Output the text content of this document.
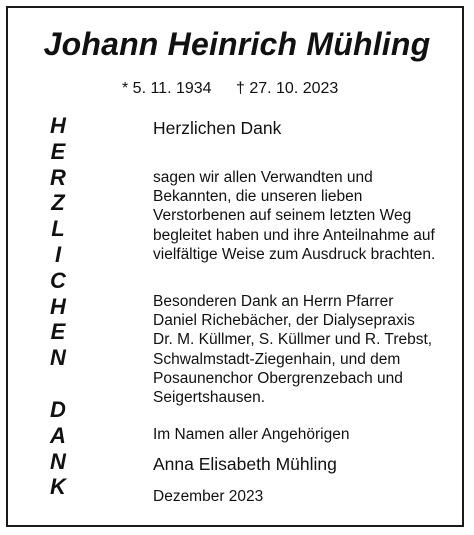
Johann Heinrich Mühling
* 5. 11. 1934 † 27. 10. 2023
H
E
R
Z
L
I
C
H
E
N
D
A
N
K
Herzlichen Dank
sagen wir allen Verwandten und
Bekannten, die unseren lieben
Verstorbenen auf seinem letzten Weg
begleitet haben und ihre Anteilnahme auf
vielfältige Weise zum Ausdruck brachten.
Besonderen Dank an Herrn Pfarrer
Daniel Richebächer, der Dialysepraxis
Dr. M. Küllmer, S. Küllmer und R. Trebst,
Schwalmstadt-Ziegenhain, und dem
Posaunenchor Obergrenzebach und
Seigertshausen.
Im Namen aller Angehörigen
Anna Elisabeth Mühling
Dezember 2023
